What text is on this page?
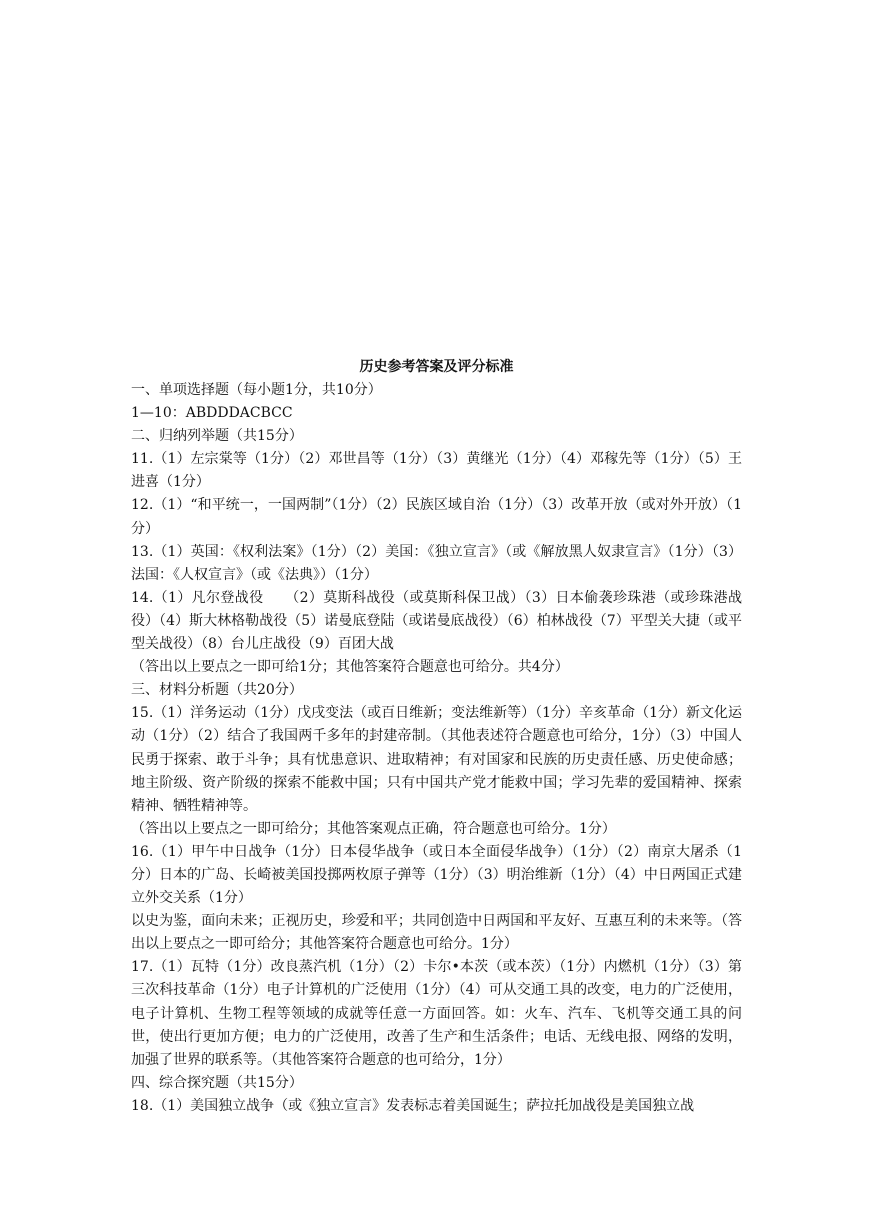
历史参考答案及评分标准

一、单项选择题（每小题1分，共10分）

1—10：ABDDDACBCC

二、归纳列举题（共15分）

11.（1）左宗棠等（1分）（2）邓世昌等（1分）（3）黄继光（1分）（4）邓稼先等（1分）（5）王进喜（1分）

12.（1）“和平统一，一国两制”（1分）（2）民族区域自治（1分）（3）改革开放（或对外开放）（1分）

13.（1）英国：《权利法案》（1分）（2）美国：《独立宣言》（或《解放黑人奴隶宣言》（1分）（3）法国：《人权宣言》（或《法典》）（1分）

14.（1）凡尔登战役　　（2）莫斯科战役（或莫斯科保卫战）（3）日本偷袭珍珠港（或珍珠港战役）（4）斯大林格勒战役（5）诺曼底登陆（或诺曼底战役）（6）柏林战役（7）平型关大捷（或平型关战役）（8）台儿庄战役（9）百团大战

（答出以上要点之一即可给1分；其他答案符合题意也可给分。共4分）

三、材料分析题（共20分）

15.（1）洋务运动（1分）戊戌变法（或百日维新；变法维新等）（1分）辛亥革命（1分）新文化运动（1分）（2）结合了我国两千多年的封建帝制。（其他表述符合题意也可给分，1分）（3）中国人民勇于探索、敢于斗争；具有忧患意识、进取精神；有对国家和民族的历史责任感、历史使命感；地主阶级、资产阶级的探索不能救中国；只有中国共产党才能救中国；学习先辈的爱国精神、探索精神、牺牲精神等。

（答出以上要点之一即可给分；其他答案观点正确，符合题意也可给分。1分）

16.（1）甲午中日战争（1分）日本侵华战争（或日本全面侵华战争）（1分）（2）南京大屠杀（1分）日本的广岛、长崎被美国投掷两枚原子弹等（1分）（3）明治维新（1分）（4）中日两国正式建立外交关系（1分）

以史为鉴，面向未来；正视历史，珍爱和平；共同创造中日两国和平友好、互惠互利的未来等。（答出以上要点之一即可给分；其他答案符合题意也可给分。1分）

17.（1）瓦特（1分）改良蒸汽机（1分）（2）卡尔•本茨（或本茨）（1分）内燃机（1分）（3）第三次科技革命（1分）电子计算机的广泛使用（1分）（4）可从交通工具的改变，电力的广泛使用，电子计算机、生物工程等领域的成就等任意一方面回答。如：火车、汽车、飞机等交通工具的问世，使出行更加方便；电力的广泛使用，改善了生产和生活条件；电话、无线电报、网络的发明，加强了世界的联系等。（其他答案符合题意的也可给分，1分）

四、综合探究题（共15分）

18.（1）美国独立战争（或《独立宣言》发表标志着美国诞生；萨拉托加战役是美国独立战
